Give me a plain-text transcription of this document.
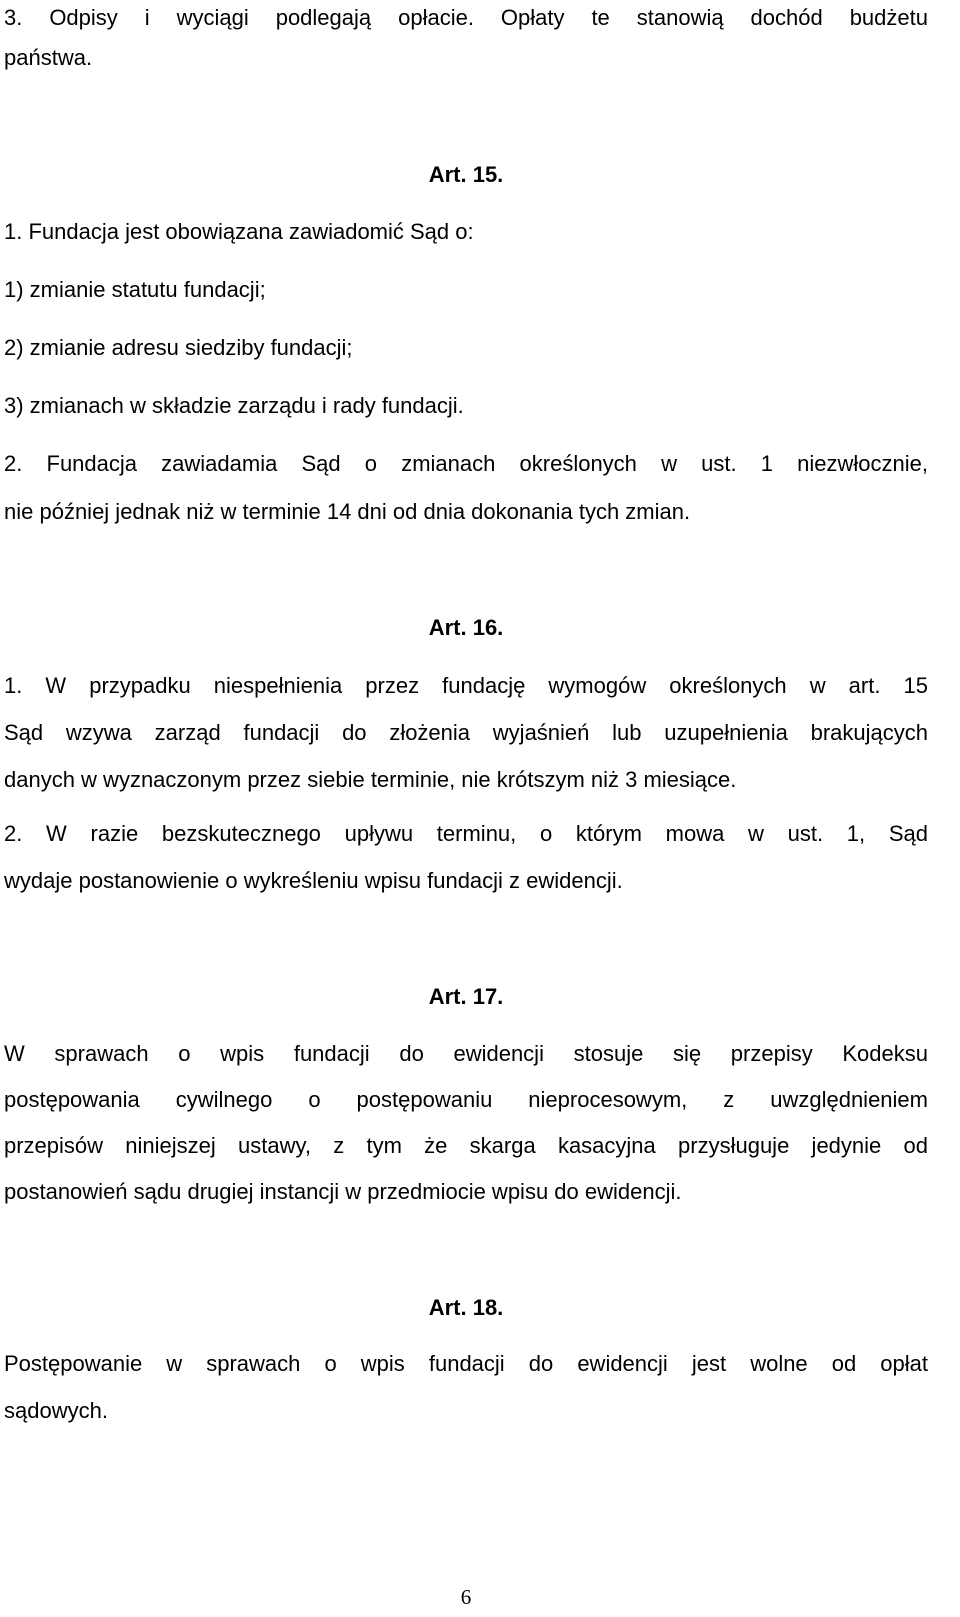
3. Odpisy i wyciągi podlegają opłacie. Opłaty te stanowią dochód budżetu
państwa.
Art. 15.
1. Fundacja jest obowiązana zawiadomić Sąd o:
1) zmianie statutu fundacji;
2) zmianie adresu siedziby fundacji;
3) zmianach w składzie zarządu i rady fundacji.
2. Fundacja zawiadamia Sąd o zmianach określonych w ust. 1 niezwłocznie,
nie później jednak niż w terminie 14 dni od dnia dokonania tych zmian.
Art. 16.
1. W przypadku niespełnienia przez fundację wymogów określonych w art. 15
Sąd wzywa zarząd fundacji do złożenia wyjaśnień lub uzupełnienia brakujących
danych w wyznaczonym przez siebie terminie, nie krótszym niż 3 miesiące.
2. W razie bezskutecznego upływu terminu, o którym mowa w ust. 1, Sąd
wydaje postanowienie o wykreśleniu wpisu fundacji z ewidencji.
Art. 17.
W sprawach o wpis fundacji do ewidencji stosuje się przepisy Kodeksu
postępowania cywilnego o postępowaniu nieprocesowym, z uwzględnieniem
przepisów niniejszej ustawy, z tym że skarga kasacyjna przysługuje jedynie od
postanowień sądu drugiej instancji w przedmiocie wpisu do ewidencji.
Art. 18.
Postępowanie w sprawach o wpis fundacji do ewidencji jest wolne od opłat
sądowych.
6
